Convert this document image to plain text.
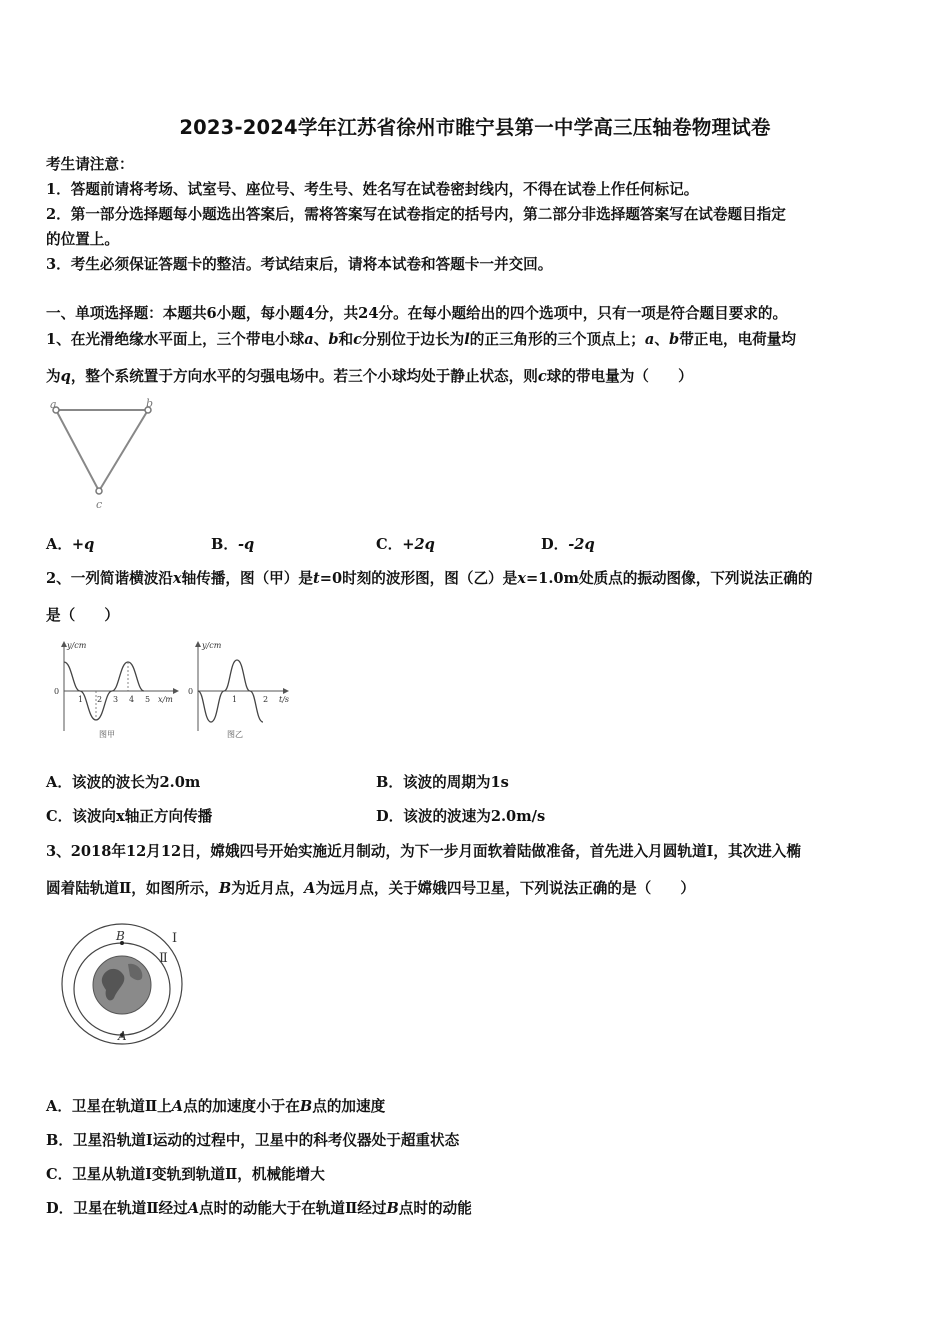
2023-2024学年江苏省徐州市睢宁县第一中学高三压轴卷物理试卷
考生请注意：
1．答题前请将考场、试室号、座位号、考生号、姓名写在试卷密封线内，不得在试卷上作任何标记。
2．第一部分选择题每小题选出答案后，需将答案写在试卷指定的括号内，第二部分非选择题答案写在试卷题目指定
的位置上。
3．考生必须保证答题卡的整洁。考试结束后，请将本试卷和答题卡一并交回。
一、单项选择题：本题共6小题，每小题4分，共24分。在每小题给出的四个选项中，只有一项是符合题目要求的。
1、在光滑绝缘水平面上，三个带电小球a、b和c分别位于边长为l的正三角形的三个顶点上；a、b带正电，电荷量均
为q，整个系统置于方向水平的匀强电场中。若三个小球均处于静止状态，则c球的带电量为（　　）
a	b
c
A．+q	B．-q	C．+2q	D．-2q
2、一列简谐横波沿x轴传播，图（甲）是t=0时刻的波形图，图（乙）是x=1.0m处质点的振动图像，下列说法正确的
是（　　）
y/cm
0
1 2 3 4 5 x/m
图甲
y/cm
0
1	2 t/s
图乙
A．该波的波长为2.0m	B．该波的周期为1s
C．该波向x轴正方向传播	D．该波的波速为2.0m/s
3、2018年12月12日，嫦娥四号开始实施近月制动，为下一步月面软着陆做准备，首先进入月圆轨道Ⅰ，其次进入椭
圆着陆轨道Ⅱ，如图所示，B为近月点，A为远月点，关于嫦娥四号卫星，下列说法正确的是（　　）
B
A
Ⅰ
Ⅱ
A．卫星在轨道Ⅱ上A点的加速度小于在B点的加速度
B．卫星沿轨道Ⅰ运动的过程中，卫星中的科考仪器处于超重状态
C．卫星从轨道Ⅰ变轨到轨道Ⅱ，机械能增大
D．卫星在轨道Ⅱ经过A点时的动能大于在轨道Ⅱ经过B点时的动能
